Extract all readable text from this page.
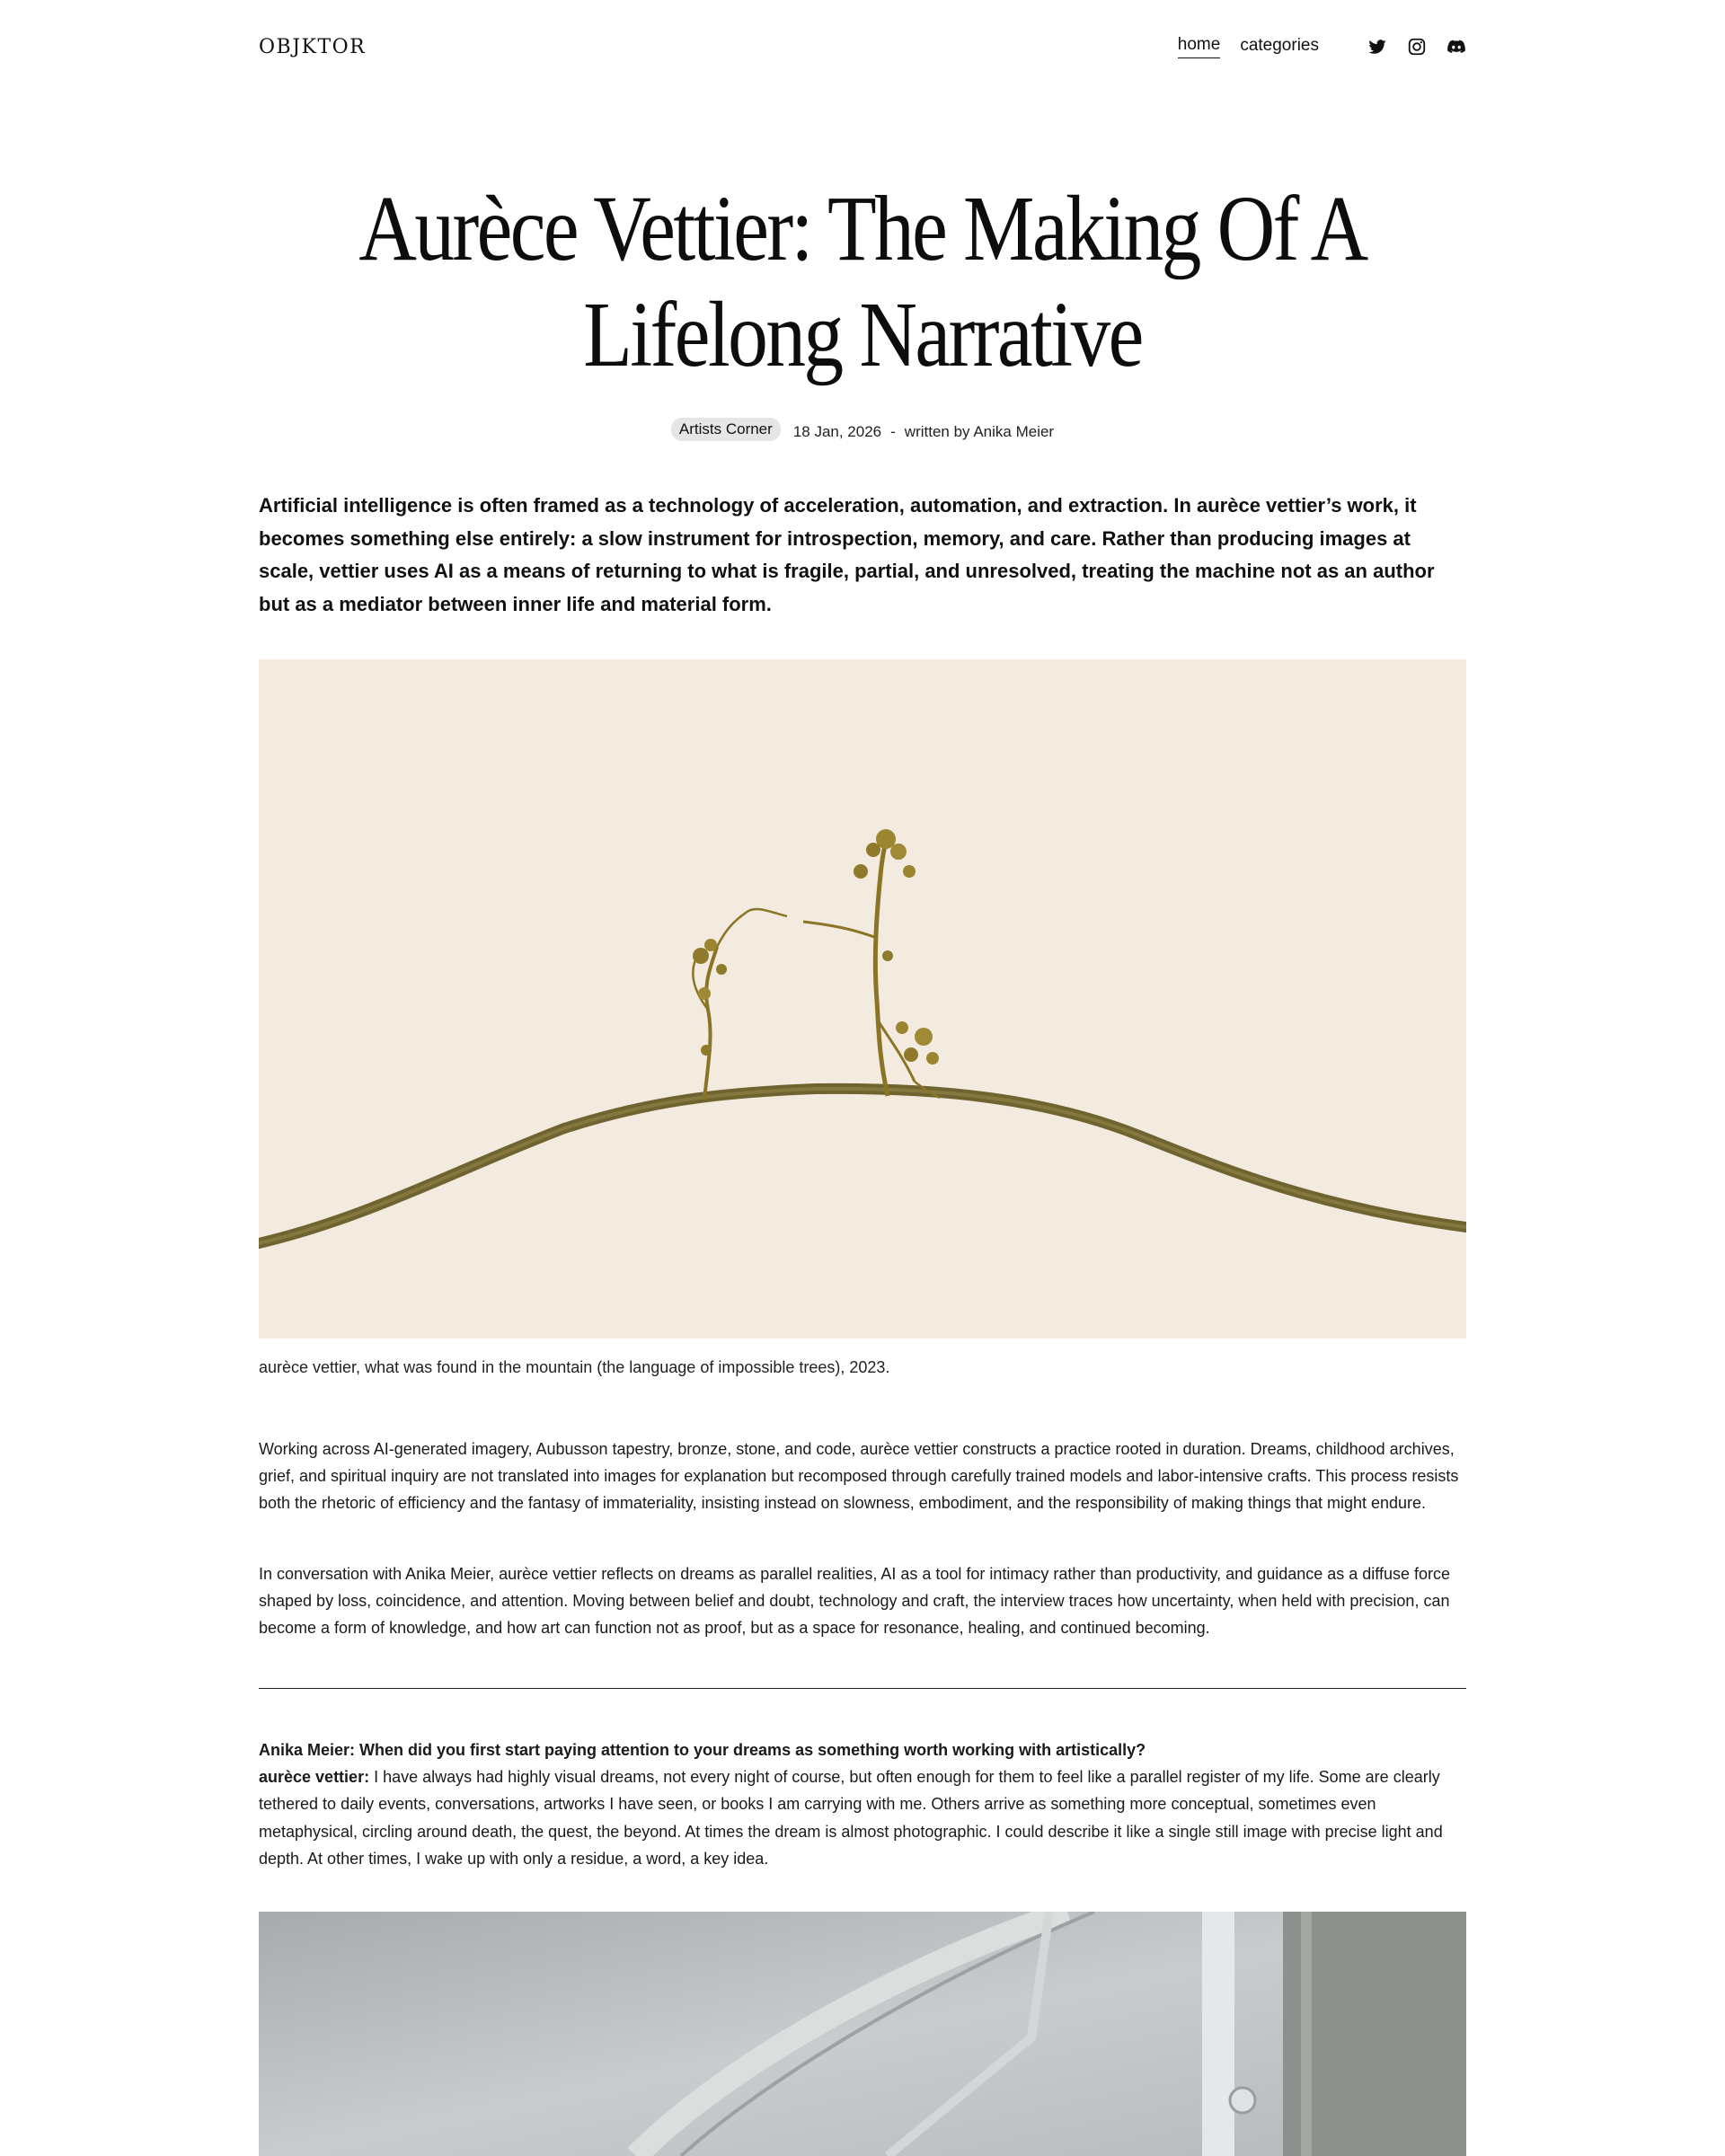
OBJKTOR	home categories
Aurèce Vettier: The Making Of A Lifelong Narrative
Artists Corner	18 Jan, 2026 - written by Anika Meier

Artificial intelligence is often framed as a technology of acceleration, automation, and extraction. In aurèce vettier’s work, it becomes something else entirely: a slow instrument for introspection, memory, and care. Rather than producing images at scale, vettier uses AI as a means of returning to what is fragile, partial, and unresolved, treating the machine not as an author but as a mediator between inner life and material form.

aurèce vettier, what was found in the mountain (the language of impossible trees), 2023.

Working across AI-generated imagery, Aubusson tapestry, bronze, stone, and code, aurèce vettier constructs a practice rooted in duration. Dreams, childhood archives, grief, and spiritual inquiry are not translated into images for explanation but recomposed through carefully trained models and labor-intensive crafts. This process resists both the rhetoric of efficiency and the fantasy of immateriality, insisting instead on slowness, embodiment, and the responsibility of making things that might endure.

In conversation with Anika Meier, aurèce vettier reflects on dreams as parallel realities, AI as a tool for intimacy rather than productivity, and guidance as a diffuse force shaped by loss, coincidence, and attention. Moving between belief and doubt, technology and craft, the interview traces how uncertainty, when held with precision, can become a form of knowledge, and how art can function not as proof, but as a space for resonance, healing, and continued becoming.

Anika Meier: When did you first start paying attention to your dreams as something worth working with artistically?
aurèce vettier: I have always had highly visual dreams, not every night of course, but often enough for them to feel like a parallel register of my life. Some are clearly tethered to daily events, conversations, artworks I have seen, or books I am carrying with me. Others arrive as something more conceptual, sometimes even metaphysical, circling around death, the quest, the beyond. At times the dream is almost photographic. I could describe it like a single still image with precise light and depth. At other times, I wake up with only a residue, a word, a key idea.
